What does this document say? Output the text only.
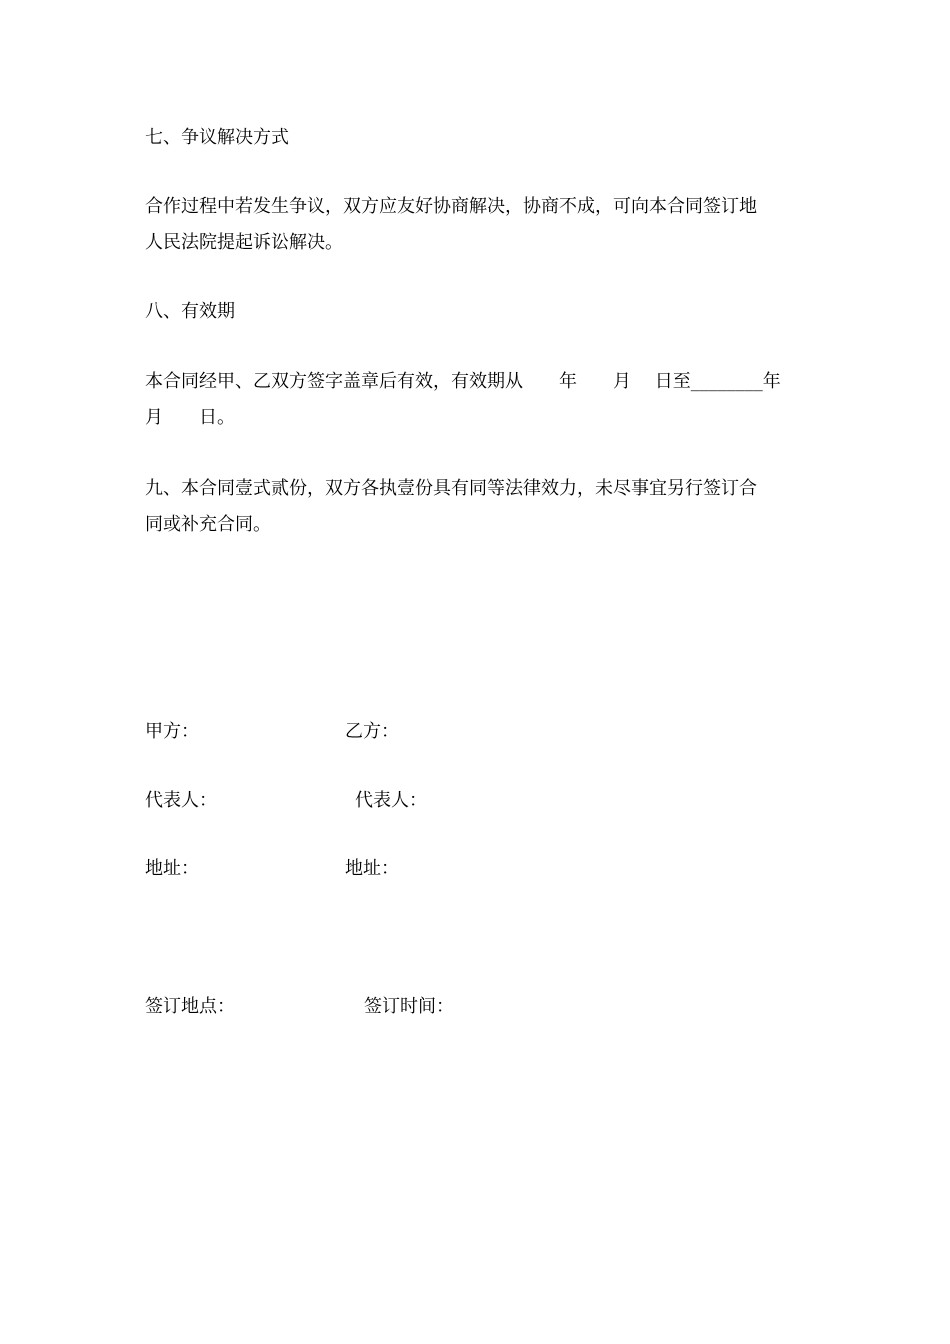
七、争议解决方式
合作过程中若发生争议，双方应友好协商解决，协商不成，可向本合同签订地
人民法院提起诉讼解决。
八、有效期
本合同经甲、乙双方签字盖章后有效，有效期从　　年　　月　 日至________年
月　　日。
九、本合同壹式贰份，双方各执壹份具有同等法律效力，未尽事宜另行签订合
同或补充合同。
甲方：	乙方：
代表人：	代表人：
地址：	地址：
签订地点：	签订时间：
